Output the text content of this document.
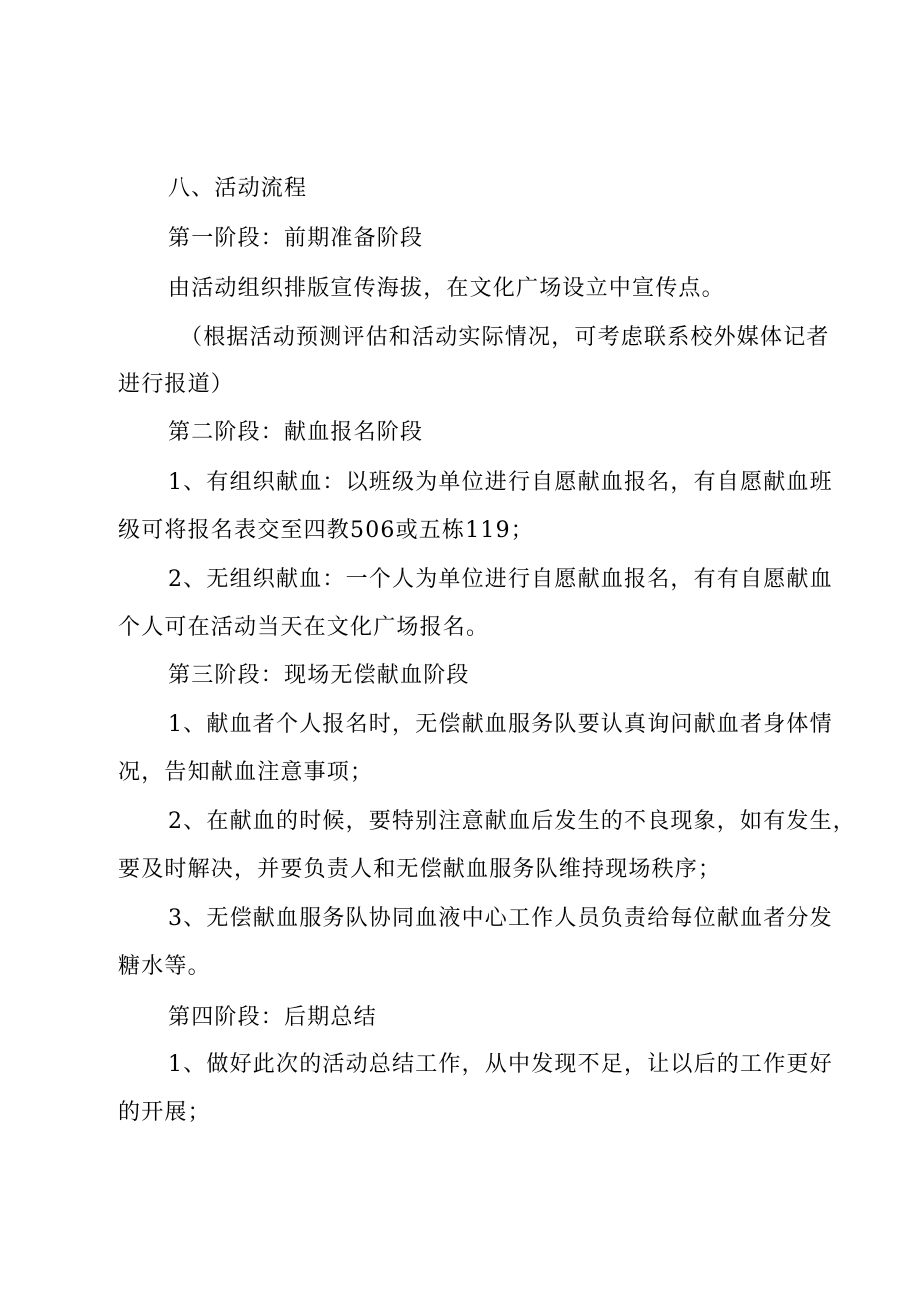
八、活动流程
第一阶段：前期准备阶段
由活动组织排版宣传海拔，在文化广场设立中宣传点。
（根据活动预测评估和活动实际情况，可考虑联系校外媒体记者
进行报道）
第二阶段：献血报名阶段
1、有组织献血：以班级为单位进行自愿献血报名，有自愿献血班
级可将报名表交至四教506或五栋119；
2、无组织献血：一个人为单位进行自愿献血报名，有有自愿献血
个人可在活动当天在文化广场报名。
第三阶段：现场无偿献血阶段
1、献血者个人报名时，无偿献血服务队要认真询问献血者身体情
况，告知献血注意事项；
2、在献血的时候，要特别注意献血后发生的不良现象，如有发生，
要及时解决，并要负责人和无偿献血服务队维持现场秩序；
3、无偿献血服务队协同血液中心工作人员负责给每位献血者分发
糖水等。
第四阶段：后期总结
1、做好此次的活动总结工作，从中发现不足，让以后的工作更好
的开展；
